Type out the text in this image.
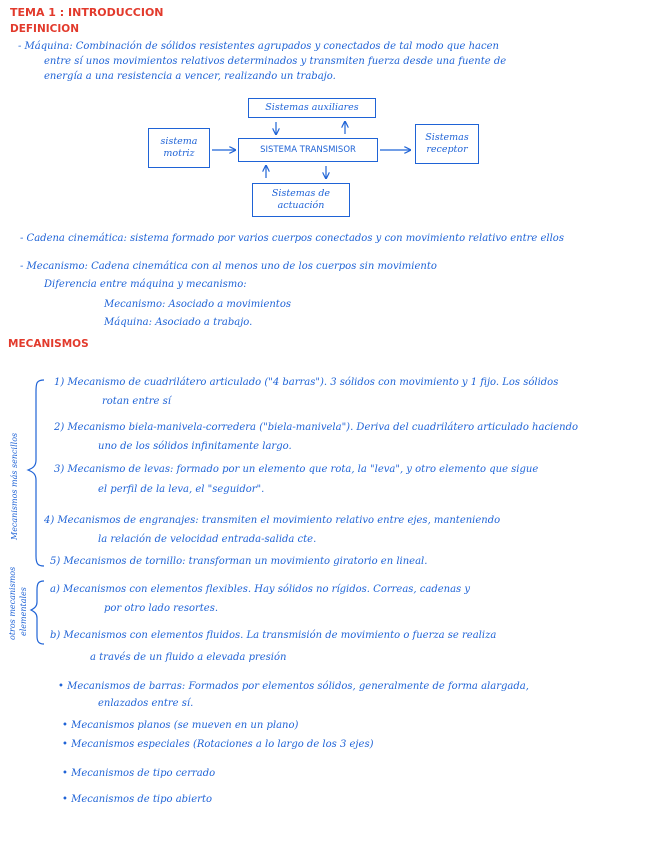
TEMA 1 : INTRODUCCION
DEFINICION
- Máquina: Combinación de sólidos resistentes agrupados y conectados de tal modo que hacen
entre sí unos movimientos relativos determinados y transmiten fuerza desde una fuente de
energía a una resistencia a vencer, realizando un trabajo.
Sistemas auxiliares
sistema
motriz	SISTEMA TRANSMISOR
Sistemas
receptor
Sistemas de
actuación
- Cadena cinemática: sistema formado por varios cuerpos conectados y con movimiento relativo entre ellos
- Mecanismo: Cadena cinemática con al menos uno de los cuerpos sin movimiento
Diferencia entre máquina y mecanismo:
Mecanismo: Asociado a movimientos
Máquina: Asociado a trabajo.
MECANISMOS
Mecanismos más sencillos
otros mecanismos elementales
1) Mecanismo de cuadrilátero articulado ("4 barras"). 3 sólidos con movimiento y 1 fijo. Los sólidos
rotan entre sí
2) Mecanismo biela-manivela-corredera ("biela-manivela"). Deriva del cuadrilátero articulado haciendo
uno de los sólidos infinitamente largo.
3) Mecanismo de levas: formado por un elemento que rota, la "leva", y otro elemento que sigue
el perfil de la leva, el "seguidor".
4) Mecanismos de engranajes: transmiten el movimiento relativo entre ejes, manteniendo
la relación de velocidad entrada-salida cte.
5) Mecanismos de tornillo: transforman un movimiento giratorio en lineal.
a) Mecanismos con elementos flexibles. Hay sólidos no rígidos. Correas, cadenas y
por otro lado resortes.
b) Mecanismos con elementos fluidos. La transmisión de movimiento o fuerza se realiza
a través de un fluido a elevada presión
• Mecanismos de barras: Formados por elementos sólidos, generalmente de forma alargada,
enlazados entre sí.
• Mecanismos planos (se mueven en un plano)
• Mecanismos especiales (Rotaciones a lo largo de los 3 ejes)
• Mecanismos de tipo cerrado
• Mecanismos de tipo abierto
